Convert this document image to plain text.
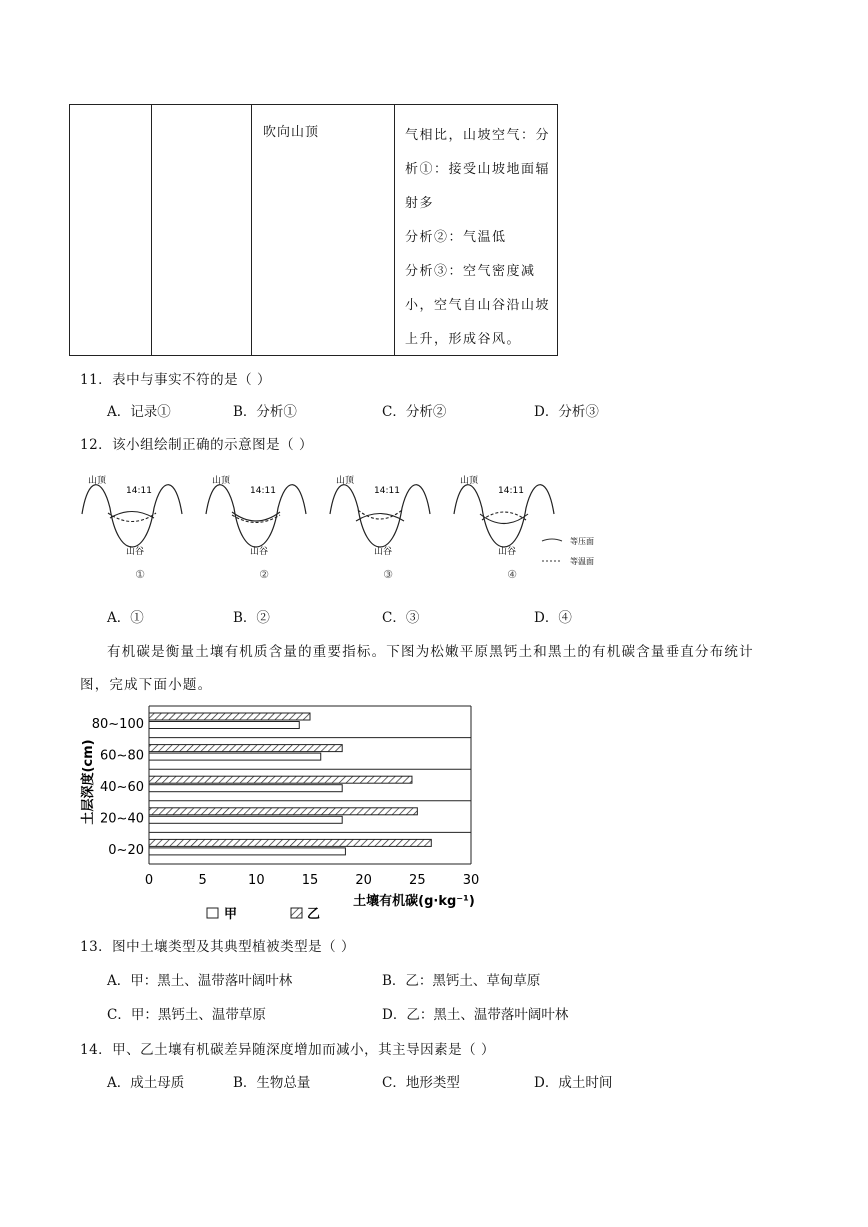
吹向山顶	气相比，山坡空气：分
析①：接受山坡地面辐
射多
分析②：气温低
分析③：空气密度减
小，空气自山谷沿山坡
上升，形成谷风。
11．表中与事实不符的是（ ）
A．记录①	B．分析①	C．分析②	D．分析③
12．该小组绘制正确的示意图是（ ）
山顶
14:11
山谷
①
山顶
14:11
山谷
②
山顶
14:11
山谷
③
山顶
14:11
山谷
④
等压面
等温面
A．①	B．②	C．③	D．④
有机碳是衡量土壤有机质含量的重要指标。下图为松嫩平原黑钙土和黑土的有机碳含量垂直分布统计
图，完成下面小题。
0~20
20~40
40~60
60~80
80~100
0	5	10	15	20	25	30
土层深度(cm)
土壤有机碳(g·kg⁻¹)
甲	乙
13．图中土壤类型及其典型植被类型是（ ）
A．甲：黑土、温带落叶阔叶林	B．乙：黑钙土、草甸草原
C．甲：黑钙土、温带草原	D．乙：黑土、温带落叶阔叶林
14．甲、乙土壤有机碳差异随深度增加而减小，其主导因素是（ ）
A．成土母质	B．生物总量	C．地形类型	D．成土时间
